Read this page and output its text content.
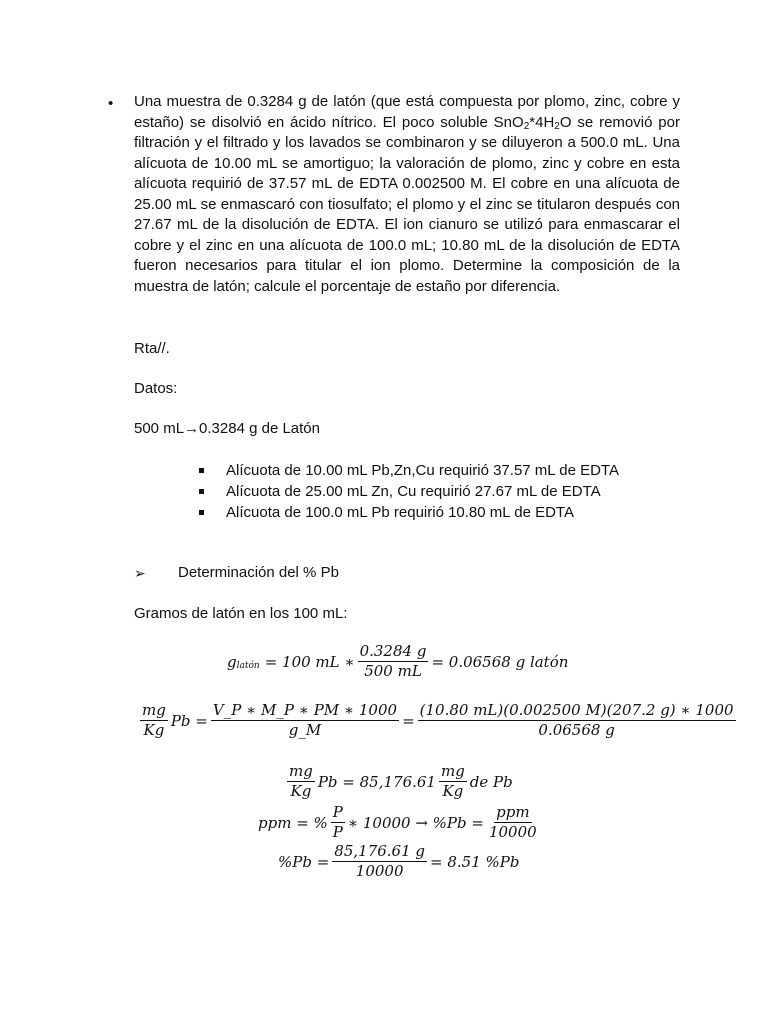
• Una muestra de 0.3284 g de latón (que está compuesta por plomo, zinc, cobre y estaño) se disolvió en ácido nítrico. El poco soluble $SnO_2*4H_2O$ se removió por filtración y el filtrado y los lavados se combinaron y se diluyeron a 500.0 mL. Una alícuota de 10.00 mL se amortiguo; la valoración de plomo, zinc y cobre en esta alícuota requirió de 37.57 mL de EDTA 0.002500 M. El cobre en una alícuota de 25.00 mL se enmascaró con tiosulfato; el plomo y el zinc se titularon después con 27.67 mL de la disolución de EDTA. El ion cianuro se utilizó para enmascarar el cobre y el zinc en una alícuota de 100.0 mL; 10.80 mL de la disolución de EDTA fueron necesarios para titular el ion plomo. Determine la composición de la muestra de latón; calcule el porcentaje de estaño por diferencia.

Rta//.

Datos:

500 mL→0.3284 g de Latón

Alícuota de 10.00 mL Pb,Zn,Cu requirió 37.57 mL de EDTA
Alícuota de 25.00 mL Zn, Cu requirió 27.67 mL de EDTA
Alícuota de 100.0 mL Pb requirió 10.80 mL de EDTA
➢ Determinación del % Pb

Gramos de latón en los 100 mL:

g latón = 100 mL ∗ $\frac{0.3284 g}{500 mL} = 0.06568$ g latón
$\frac{mg}{Kg}$ $Pb = \frac{V\_P ∗ M\_P ∗ PM ∗ 1000}{g\_M} = \frac{(10.80 mL)(0.002500 M)(207.2 g) ∗ 1000}{0.06568 g}$
$\frac{mg}{Kg}$ $Pb = 85,176.61 \frac{mg}{Kg}$ de Pb
ppm = % $\frac{P}{P}$ ∗ $10000 \to \%Pb = \frac{\text{ppm}}{10000}$
$\%Pb = \frac{85,176.61 g}{10000} = 8.51$ %Pb
